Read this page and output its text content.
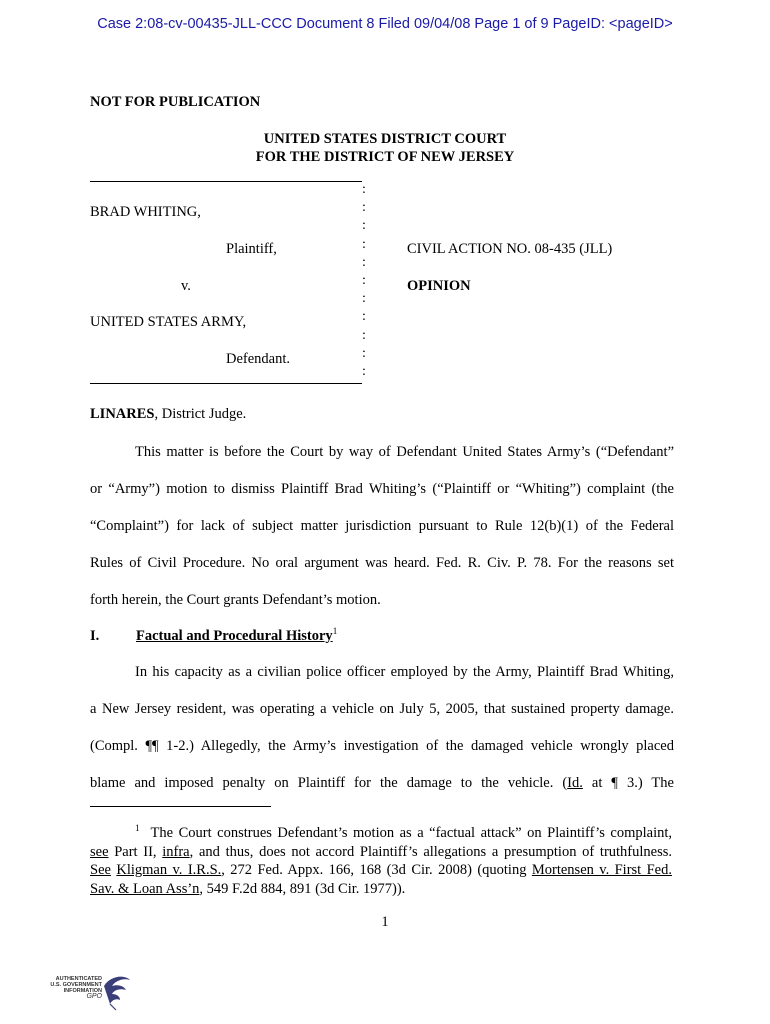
Case 2:08-cv-00435-JLL-CCC Document 8 Filed 09/04/08 Page 1 of 9 PageID: <pageID>
NOT FOR PUBLICATION
UNITED STATES DISTRICT COURT
FOR THE DISTRICT OF NEW JERSEY
:
:
:
:
:
:
:
:
:
:
:
BRAD WHITING,
Plaintiff,	CIVIL ACTION NO. 08-435 (JLL)
v.	OPINION
UNITED STATES ARMY,
Defendant.
LINARES, District Judge.
This matter is before the Court by way of Defendant United States Army’s (“Defendant”
or “Army”) motion to dismiss Plaintiff Brad Whiting’s (“Plaintiff or “Whiting”) complaint (the
“Complaint”) for lack of subject matter jurisdiction pursuant to Rule 12(b)(1) of the Federal
Rules of Civil Procedure. No oral argument was heard. Fed. R. Civ. P. 78. For the reasons set
forth herein, the Court grants Defendant’s motion.
I.	Factual and Procedural History$^1$
In his capacity as a civilian police officer employed by the Army, Plaintiff Brad Whiting,
a New Jersey resident, was operating a vehicle on July 5, 2005, that sustained property damage.
(Compl. ¶¶ 1-2.) Allegedly, the Army’s investigation of the damaged vehicle wrongly placed
blame and imposed penalty on Plaintiff for the damage to the vehicle. (Id. at ¶ 3.) The
$^1$ The Court construes Defendant’s motion as a “factual attack” on Plaintiff’s complaint,
see Part II, infra, and thus, does not accord Plaintiff’s allegations a presumption of truthfulness.
See Kligman v. I.R.S., 272 Fed. Appx. 166, 168 (3d Cir. 2008) (quoting Mortensen v. First Fed.
Sav. & Loan Ass’n, 549 F.2d 884, 891 (3d Cir. 1977)).
1
AUTHENTICATED
U.S. GOVERNMENT
INFORMATION
GPO
